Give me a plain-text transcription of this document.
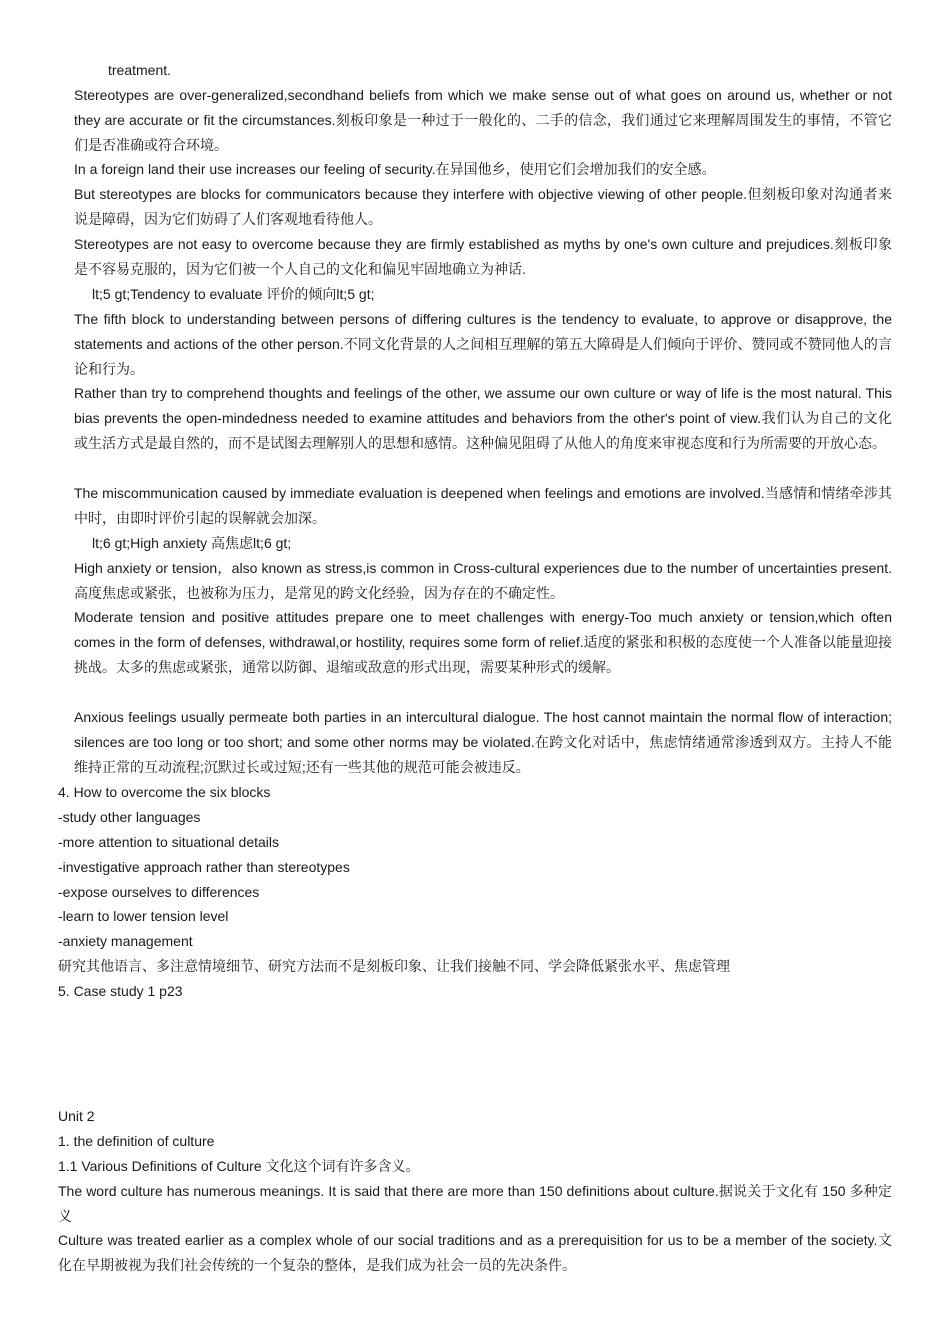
treatment.

Stereotypes are over-generalized,secondhand beliefs from which we make sense out of what goes on around us, whether or not they are accurate or fit the circumstances.刻板印象是一种过于一般化的、二手的信念，我们通过它来理解周围发生的事情，不管它们是否准确或符合环境。

In a foreign land their use increases our feeling of security.在异国他乡，使用它们会增加我们的安全感。

But stereotypes are blocks for communicators because they interfere with objective viewing of other people.但刻板印象对沟通者来说是障碍，因为它们妨碍了人们客观地看待他人。

Stereotypes are not easy to overcome because they are firmly established as myths by one's own culture and prejudices.刻板印象是不容易克服的，因为它们被一个人自己的文化和偏见牢固地确立为神话.

lt;5 gt;Tendency to evaluate 评价的倾向lt;5 gt;

The fifth block to understanding between persons of differing cultures is the tendency to evaluate, to approve or disapprove, the statements and actions of the other person.不同文化背景的人之间相互理解的第五大障碍是人们倾向于评价、赞同或不赞同他人的言论和行为。

Rather than try to comprehend thoughts and feelings of the other, we assume our own culture or way of life is the most natural. This bias prevents the open-mindedness needed to examine attitudes and behaviors from the other's point of view.我们认为自己的文化或生活方式是最自然的，而不是试图去理解别人的思想和感情。这种偏见阻碍了从他人的角度来审视态度和行为所需要的开放心态。

The miscommunication caused by immediate evaluation is deepened when feelings and emotions are involved.当感情和情绪牵涉其中时，由即时评价引起的误解就会加深。

lt;6 gt;High anxiety 高焦虑lt;6 gt;

High anxiety or tension，also known as stress,is common in Cross-cultural experiences due to the number of uncertainties present.高度焦虑或紧张，也被称为压力，是常见的跨文化经验，因为存在的不确定性。

Moderate tension and positive attitudes prepare one to meet challenges with energy-Too much anxiety or tension,which often comes in the form of defenses, withdrawal,or hostility, requires some form of relief.适度的紧张和积极的态度使一个人准备以能量迎接挑战。太多的焦虑或紧张，通常以防御、退缩或敌意的形式出现，需要某种形式的缓解。

Anxious feelings usually permeate both parties in an intercultural dialogue. The host cannot maintain the normal flow of interaction; silences are too long or too short; and some other norms may be violated.在跨文化对话中，焦虑情绪通常渗透到双方。主持人不能维持正常的互动流程;沉默过长或过短;还有一些其他的规范可能会被违反。

4. How to overcome the six blocks

-study other languages

-more attention to situational details

-investigative approach rather than stereotypes

-expose ourselves to differences

-learn to lower tension level

-anxiety management

研究其他语言、多注意情境细节、研究方法而不是刻板印象、让我们接触不同、学会降低紧张水平、焦虑管理

5. Case study 1 p23

Unit 2

1. the definition of culture

1.1 Various Definitions of Culture 文化这个词有许多含义。

The word culture has numerous meanings. It is said that there are more than 150 definitions about culture.据说关于文化有 150 多种定义

Culture was treated earlier as a complex whole of our social traditions and as a prerequisition for us to be a member of the society.文化在早期被视为我们社会传统的一个复杂的整体，是我们成为社会一员的先决条件。
